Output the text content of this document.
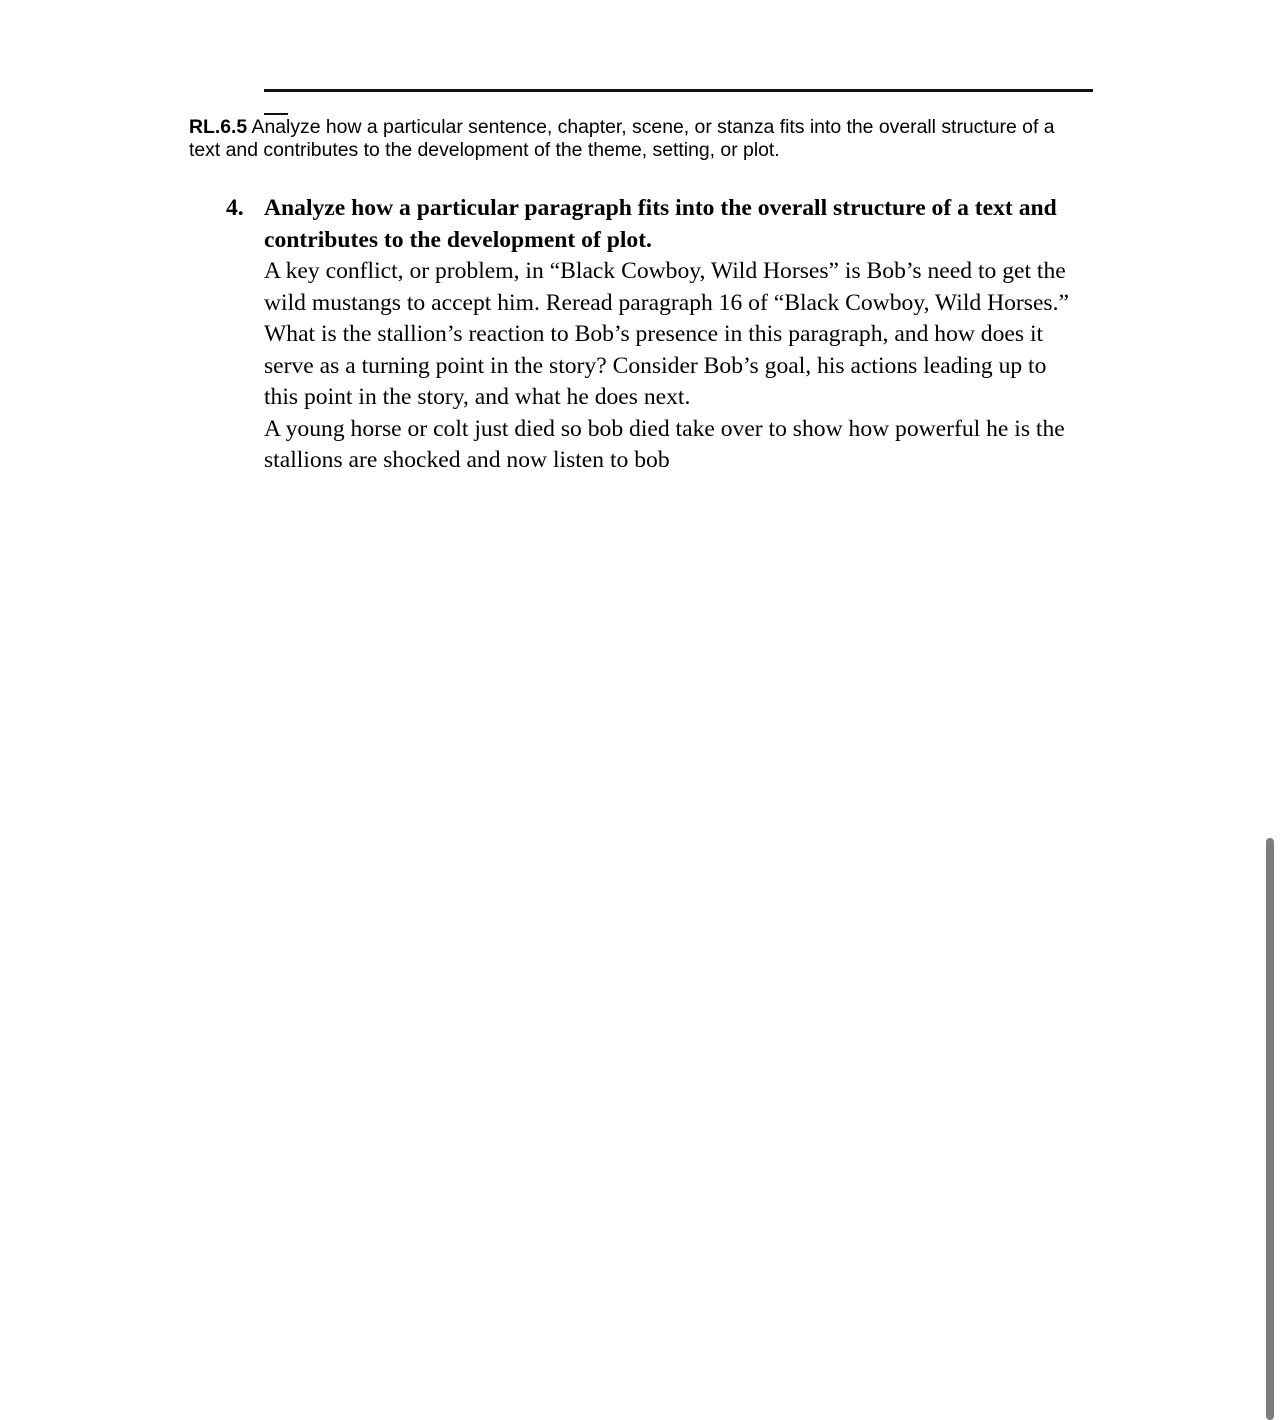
RL.6.5 Analyze how a particular sentence, chapter, scene, or stanza fits into the overall structure of a text and contributes to the development of the theme, setting, or plot.
4. Analyze how a particular paragraph fits into the overall structure of a text and contributes to the development of plot.
A key conflict, or problem, in “Black Cowboy, Wild Horses” is Bob’s need to get the wild mustangs to accept him. Reread paragraph 16 of “Black Cowboy, Wild Horses.” What is the stallion’s reaction to Bob’s presence in this paragraph, and how does it serve as a turning point in the story? Consider Bob’s goal, his actions leading up to this point in the story, and what he does next.
A young horse or colt just died so bob died take over to show how powerful he is the stallions are shocked and now listen to bob
